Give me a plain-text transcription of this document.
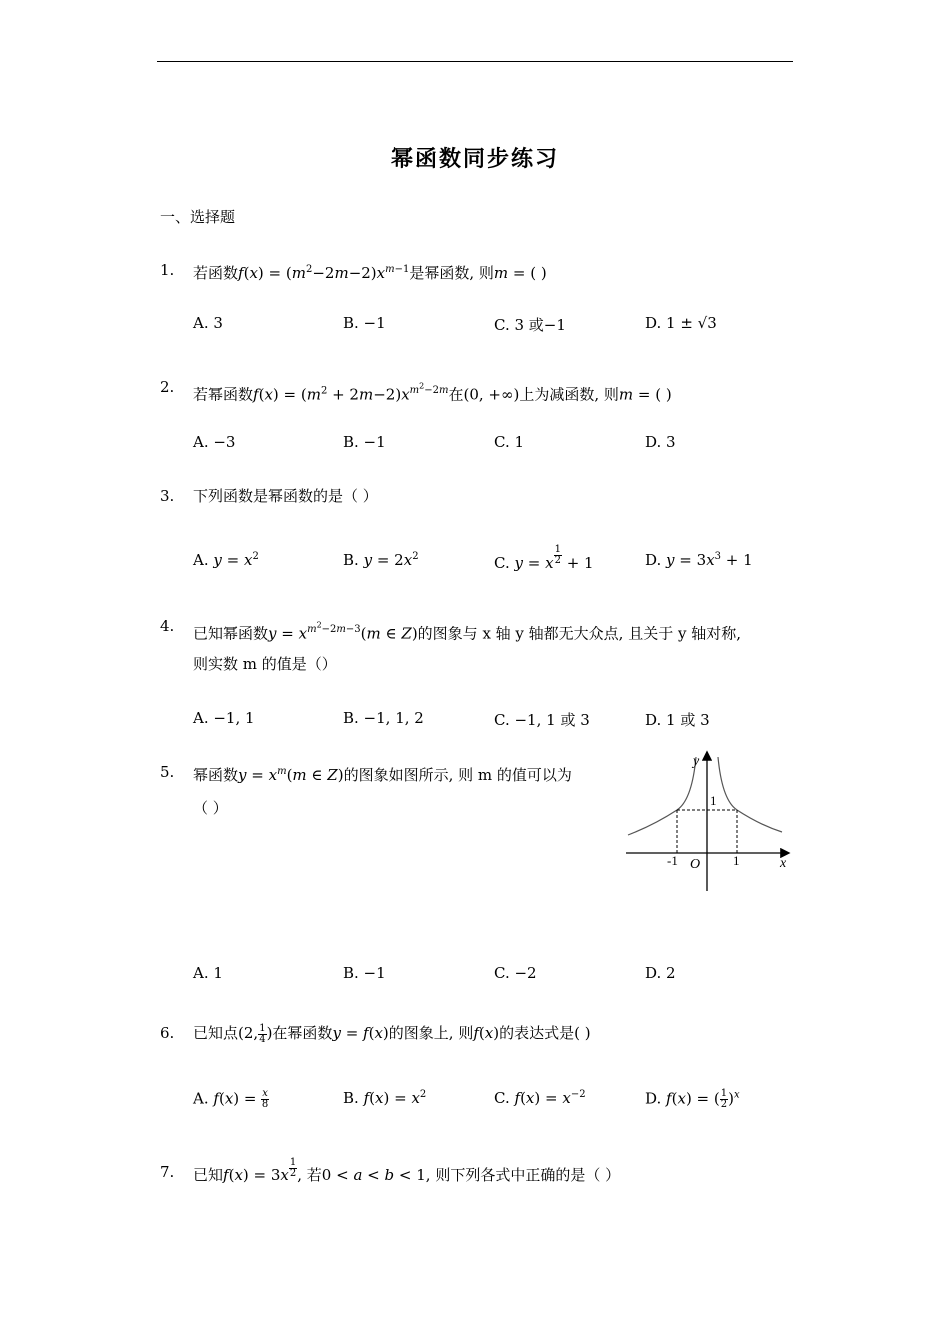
幂函数同步练习
一、选择题
1. 若函数$f(x) = (m^2-2m-2)x^{m-1}$是幂函数, 则m = ( )
A. 3	B. −1	C. 3 或−1	D. 1 ± √3
2. 若幂函数$f(x) = (m^2 + 2m-2)x^{m^2-2m}$在(0, +∞)上为减函数, 则m = ( )
A. −3	B. −1	C. 1	D. 3
3. 下列函数是幂函数的是（ ）
A. $y = x^2$	B. $y = 2x^2$	C. y = x $^{\frac{1}{2}}$ + 1	D. $y = 3x^3 + 1$
4. 已知幂函数$y = x^{m^2-2m-3}(m$ ∈ Z)的图象与 x 轴 y 轴都无大众点, 且关于 y 轴对称,
则实数 m 的值是（）
A. −1, 1	B. −1, 1, 2	C. −1, 1 或 3	D. 1 或 3
5. 幂函数$y = x^m(m$ ∈ Z)的图象如图所示, 则 m 的值可以为
（ ）
y
x
O
-1	1
1
A. 1	B. −1	C. −2	D. 2
6. 已知点(2, $\frac{1}{4}$ )在幂函数y = f(x)的图象上, 则f(x)的表达式是( )
A. $f(x) = \frac{x}{8}$	B. $f(x) = x^2$	C. $f(x) = x^{-2}$	D. f(x) = ( $\frac{1}{2} )^x$
7. 已知f(x) = 3x $^{\frac{1}{2}}$ , 若0 < a < b < 1, 则下列各式中正确的是（ ）
